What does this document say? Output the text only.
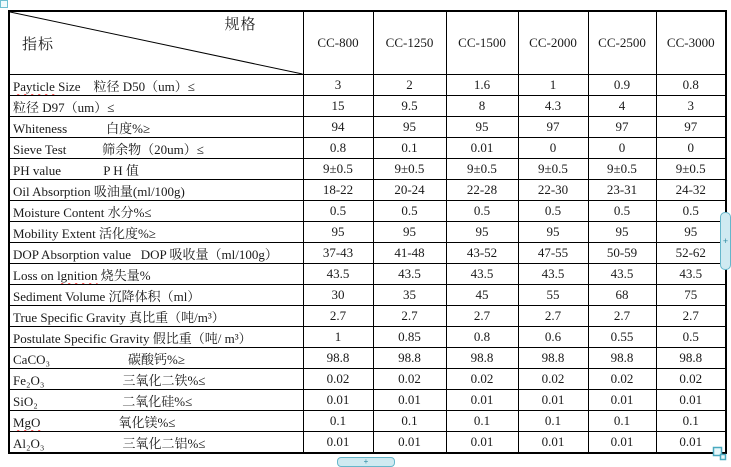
规格
指标	CC-800	CC-1250	CC-1500	CC-2000	CC-2500	CC-3000
Payticle Size    粒径 D50（um）≤	3	2	1.6	1	0.9	0.8
粒径 D97（um）≤	15	9.5	8	4.3	4	3
Whiteness            白度%≥	94	95	95	97	97	97
Sieve Test           筛余物（20um）≤	0.8	0.1	0.01	0	0	0
PH value             P H 值	9±0.5	9±0.5	9±0.5	9±0.5	9±0.5	9±0.5
Oil Absorption 吸油量(ml/100g)	18-22	20-24	22-28	22-30	23-31	24-32
Moisture Content 水分%≤	0.5	0.5	0.5	0.5	0.5	0.5
Mobility Extent 活化度%≥	95	95	95	95	95	95
DOP Absorption value   DOP 吸收量（ml/100g）	37-43	41-48	43-52	47-55	50-59	52-62
Loss on lgnition 烧失量%	43.5	43.5	43.5	43.5	43.5	43.5
Sediment Volume 沉降体积（ml）	30	35	45	55	68	75
True Specific Gravity 真比重（吨/m³）	2.7	2.7	2.7	2.7	2.7	2.7
Postulate Specific Gravity 假比重（吨/ m³）	1	0.85	0.8	0.6	0.55	0.5
CaCO₃                        碳酸钙%≥	98.8	98.8	98.8	98.8	98.8	98.8
Fe₂O₃                        三氧化二铁%≤	0.02	0.02	0.02	0.02	0.02	0.02
SiO₂                          二氧化硅%≤	0.01	0.01	0.01	0.01	0.01	0.01
MgO                        氧化镁%≤	0.1	0.1	0.1	0.1	0.1	0.1
Al₂O₃                        三氧化二铝%≤	0.01	0.01	0.01	0.01	0.01	0.01
+
+
